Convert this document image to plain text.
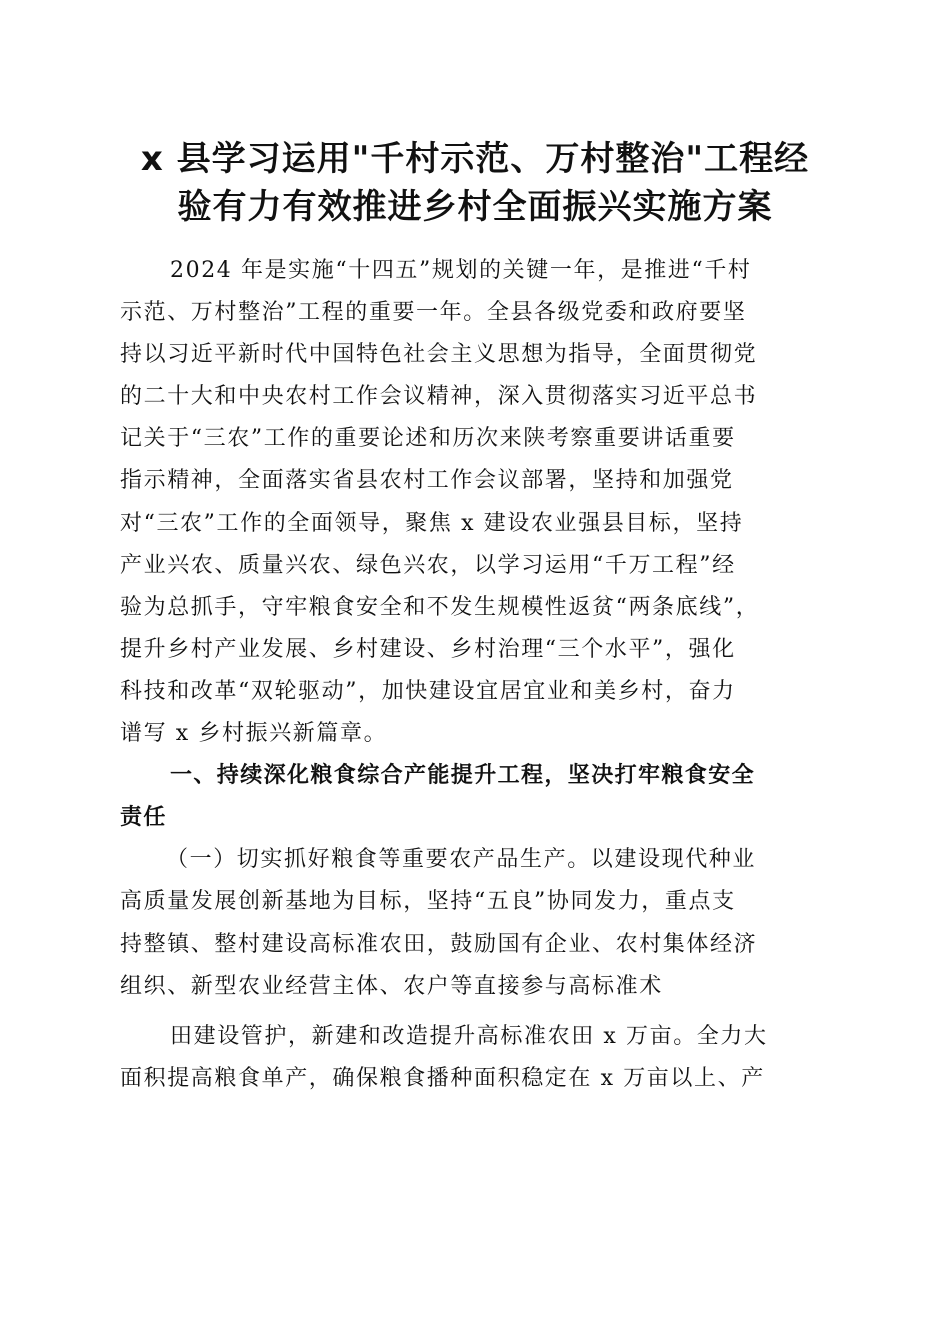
x 县学习运用"千村示范、万村整治"工程经
验有力有效推进乡村全面振兴实施方案
2024 年是实施“十四五”规划的关键一年，是推进“千村
示范、万村整治”工程的重要一年。全县各级党委和政府要坚
持以习近平新时代中国特色社会主义思想为指导，全面贯彻党
的二十大和中央农村工作会议精神，深入贯彻落实习近平总书
记关于“三农”工作的重要论述和历次来陕考察重要讲话重要
指示精神，全面落实省县农村工作会议部署，坚持和加强党
对“三农”工作的全面领导，聚焦 x 建设农业强县目标，坚持
产业兴农、质量兴农、绿色兴农，以学习运用“千万工程”经
验为总抓手，守牢粮食安全和不发生规模性返贫“两条底线”，
提升乡村产业发展、乡村建设、乡村治理“三个水平”，强化
科技和改革“双轮驱动”，加快建设宜居宜业和美乡村，奋力
谱写 x 乡村振兴新篇章。
一、持续深化粮食综合产能提升工程，坚决打牢粮食安全
责任
（一）切实抓好粮食等重要农产品生产。以建设现代种业
高质量发展创新基地为目标，坚持“五良”协同发力，重点支
持整镇、整村建设高标准农田，鼓励国有企业、农村集体经济
组织、新型农业经营主体、农户等直接参与高标准术
田建设管护，新建和改造提升高标准农田 x 万亩。全力大
面积提高粮食单产，确保粮食播种面积稳定在 x 万亩以上、产
